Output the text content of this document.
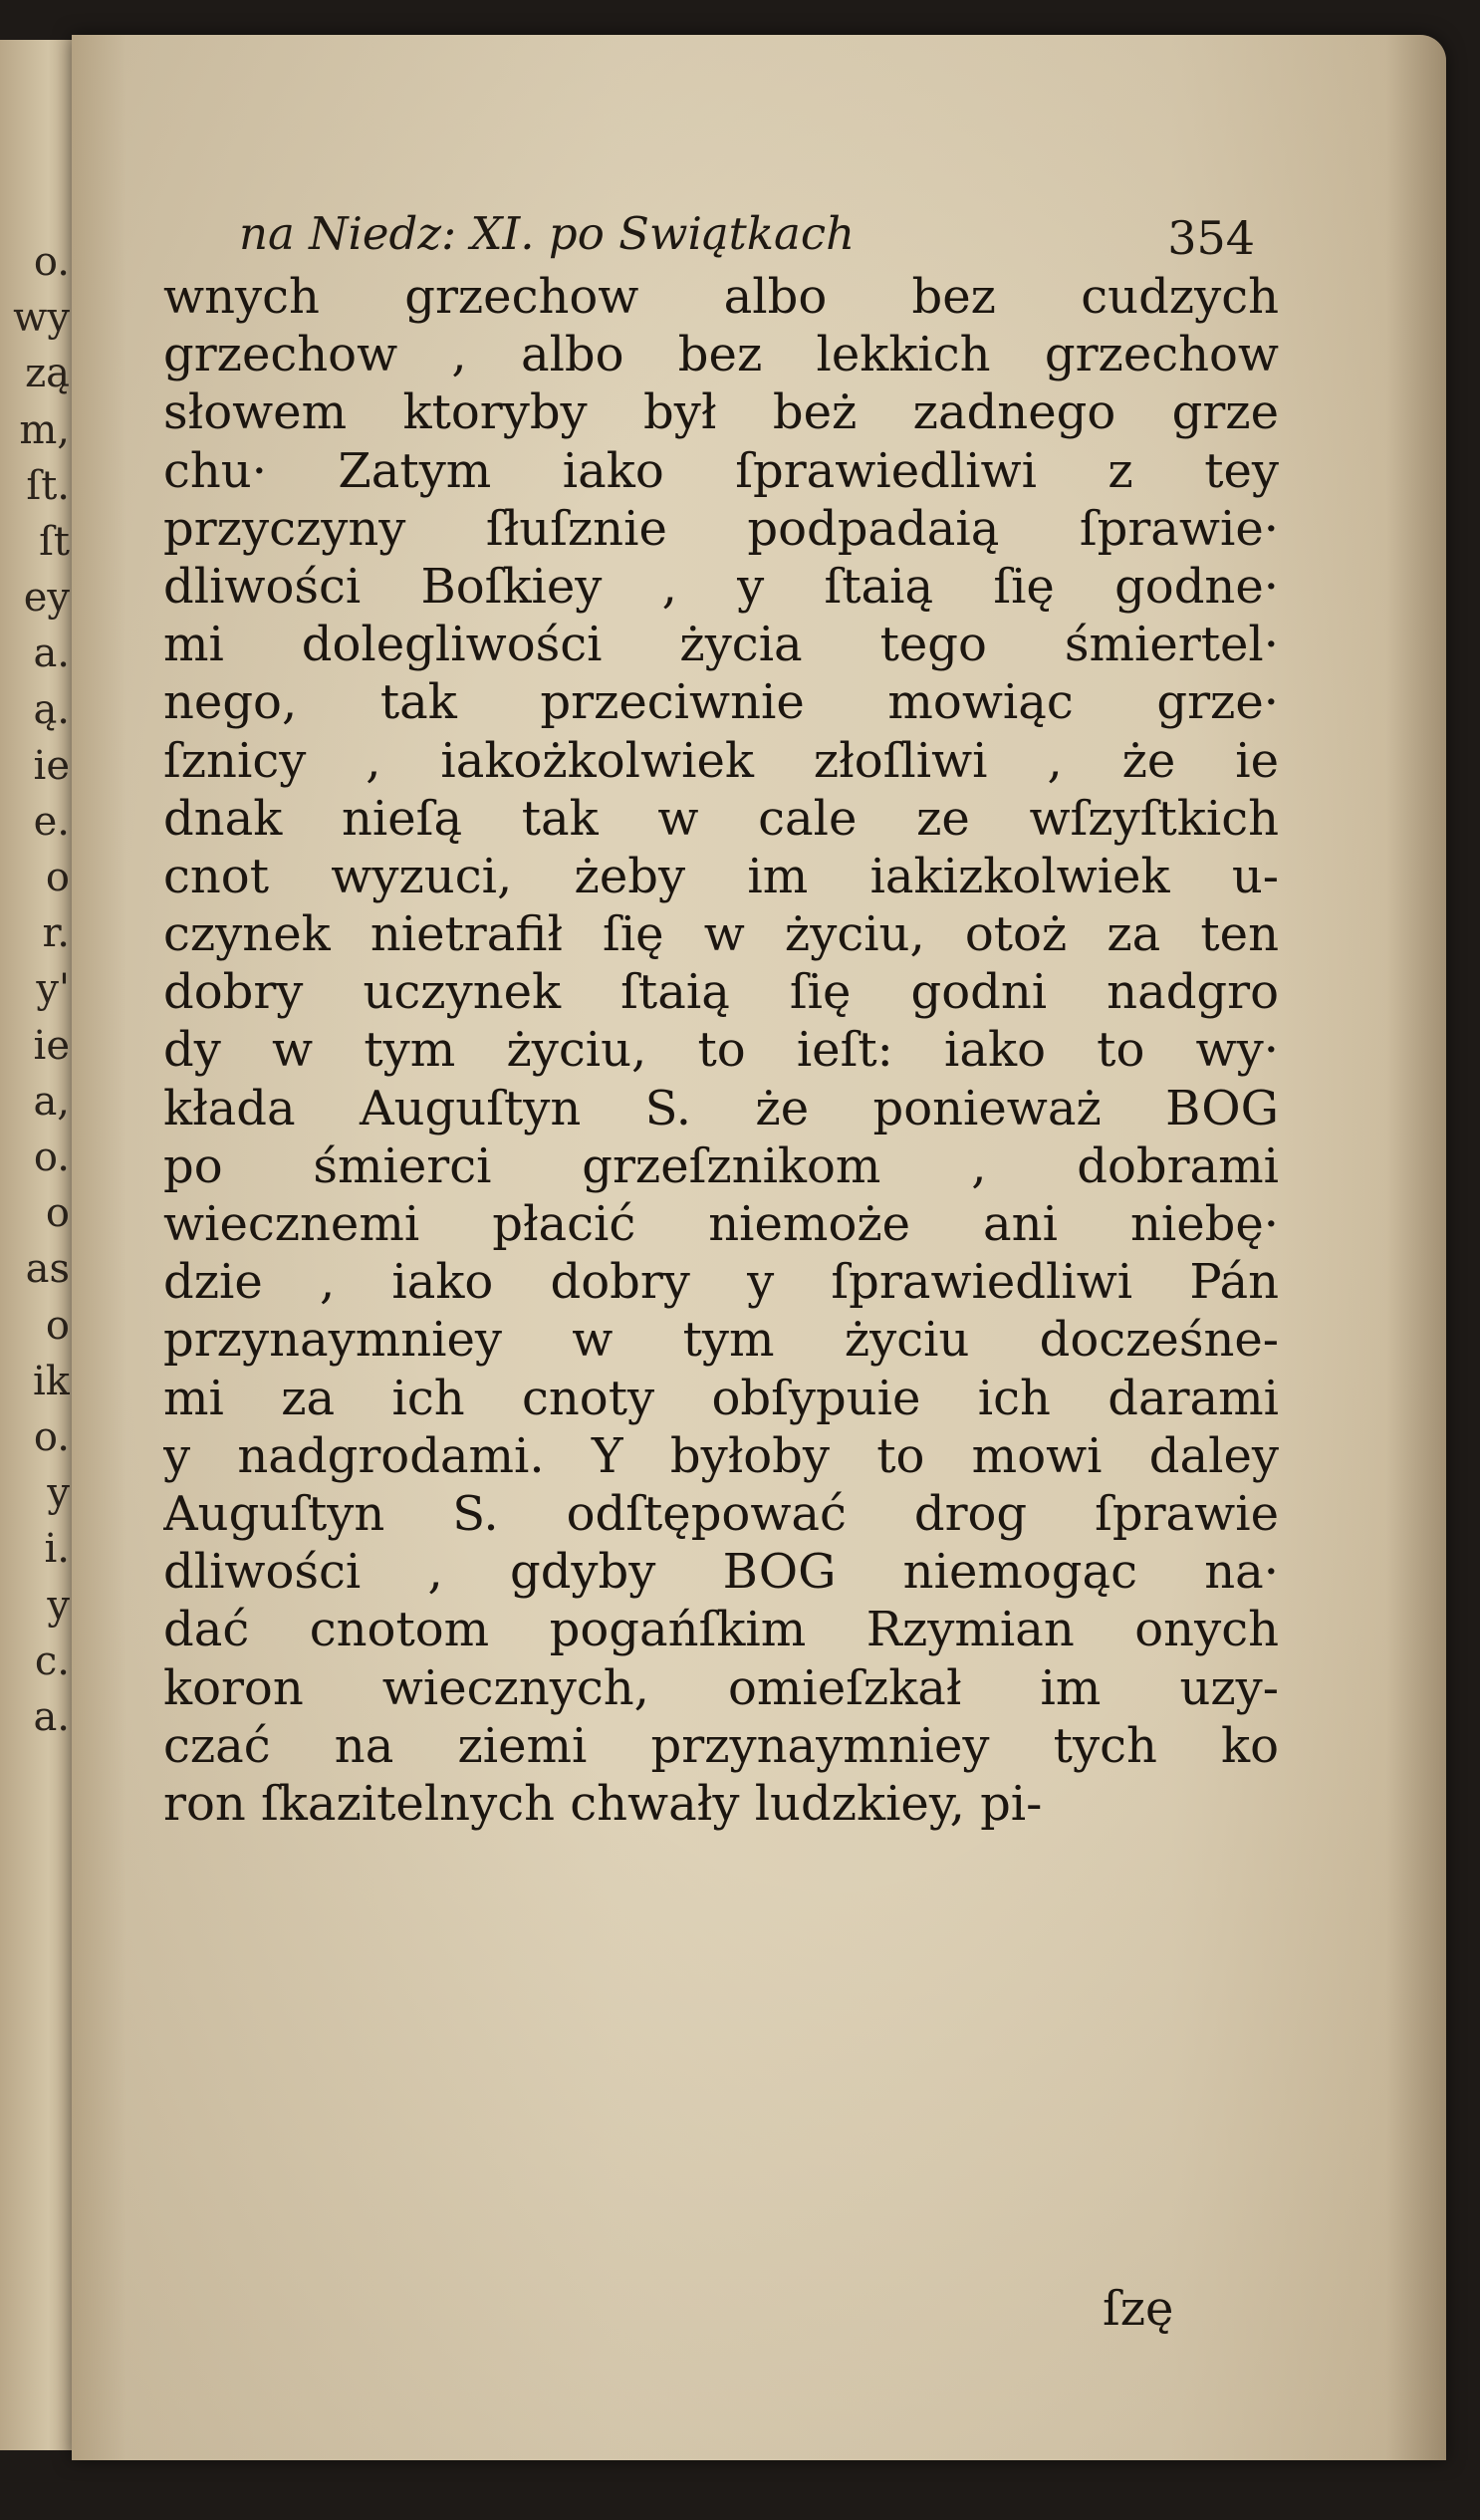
o.
wy
zą
m,
ſt.
ſt
ey
a.
ą.
ie
e.
o
r.
y'
ie
a,
o.
o
as
o
ik
o.
y
i.
y
c.
a.
na Niedz: XI. po Swiątkach	354
wnych grzechow albo bez cudzych
grzechow , albo bez lekkich grzechow
słowem ktoryby był beż zadnego grze
chu· Zatym iako ſprawiedliwi z tey
przyczyny ſłuſznie podpadaią ſprawie·
dliwości Boſkiey , y ſtaią ſię godne·
mi dolegliwości życia tego śmiertel·
nego, tak przeciwnie mowiąc grze·
ſznicy , iakożkolwiek złoſliwi , że ie
dnak nieſą tak w cale ze wſzyſtkich
cnot wyzuci, żeby im iakizkolwiek u-
czynek nietrafił ſię w życiu, otoż za ten
dobry uczynek ſtaią ſię godni nadgro
dy w tym życiu, to ieſt: iako to wy·
kłada Auguſtyn S. że ponieważ BOG
po śmierci grzeſznikom , dobrami
wiecznemi płacić niemoże ani niebę·
dzie , iako dobry y ſprawiedliwi Pán
przynaymniey w tym życiu docześne-
mi za ich cnoty obſypuie ich darami
y nadgrodami. Y byłoby to mowi daley
Auguſtyn S. odſtępować drog ſprawie
dliwości , gdyby BOG niemogąc na·
dać cnotom pogańſkim Rzymian onych
koron wiecznych, omieſzkał im uzy-
czać na ziemi przynaymniey tych ko
ron ſkazitelnych chwały ludzkiey, pi-
ſzę
